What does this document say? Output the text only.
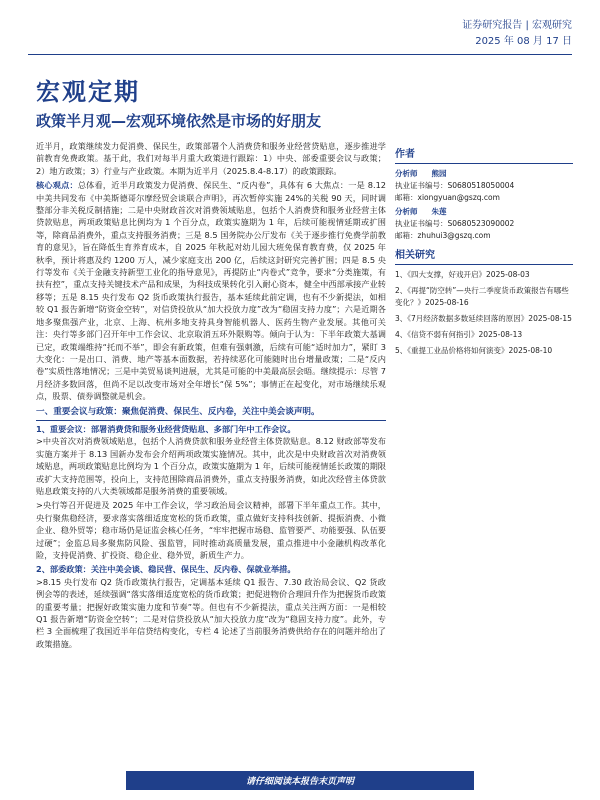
证券研究报告 | 宏观研究
2025 年 08 月 17 日
宏观定期
政策半月观—宏观环境依然是市场的好朋友

近半月，政策继续发力促消费、保民生，政策部署个人消费贷和服务业经营贷贴息，逐步推进学前教育免费政策。基于此，我们对每半月重大政策进行跟踪：1）中央、部委重要会议与政策；2）地方政策；3）行业与产业政策。本期为近半月（2025.8.4-8.17）的政策跟踪。

核心观点：总体看，近半月政策发力促消费、保民生、“反内卷”，具体有 6 大焦点：一是 8.12 中美共同发布《中美斯德哥尔摩经贸会谈联合声明》，再次暂停实施 24%的关税 90 天，同时调整部分非关税反制措施；二是中央财政首次对消费领域贴息，包括个人消费贷和服务业经营主体贷款贴息，两项政策贴息比例均为 1 个百分点，政策实施期为 1 年，后续可能视情延期或扩围等，除商品消费外，重点支持服务消费；三是 8.5 国务院办公厅发布《关于逐步推行免费学前教育的意见》，旨在降低生育养育成本，自 2025 年秋起对幼儿园大班免保育教育费，仅 2025 年秋季，预计将惠及约 1200 万人，减少家庭支出 200 亿，后续这封研究完善扩围；四是 8.5 央行等发布《关于金融支持新型工业化的指导意见》，再提防止“内卷式”竞争，要求“分类施策，有扶有控”，重点支持关键技术产品和成果，为科技成果转化引入耐心资本，健全中西部承接产业转移等；五是 8.15 央行发布 Q2 货币政策执行报告，基本延续此前定调，也有不少新提法，如相较 Q1 报告新增“防资金空转”，对信贷投放从“加大投放力度”改为“稳固支持力度”；六是近期各地多聚焦强产业，北京、上海、杭州多地支持具身智能机器人、医药生物产业发展。其他可关注：央行等多部门召开年中工作会议、北京取消五环外限购等。倾向于认为：下半年政策大基调已定，政策端维持“托而不举”，即会有新政策，但难有强刺激，后续有可能“适时加力”，紧盯 3 大变化：一是出口、消费、地产等基本面数据，若持续恶化可能随时出台增量政策；二是“反内卷”实质性落地情况；三是中美贸易谈判进展，尤其是可能的中美最高层会晤。继续提示：尽管 7 月经济多数回落，但尚不足以改变市场对全年增长“保 5%”；事情正在起变化，对市场继续乐观点，股票、债券调整就是机会。

一、重要会议与政策：聚焦促消费、保民生、反内卷，关注中美会谈声明。
1、重要会议：部署消费贷和服务业经营贷贴息、多部门年中工作会议。

>中央首次对消费领域贴息，包括个人消费贷款和服务业经营主体贷款贴息。8.12 财政部等发布实施方案并于 8.13 国新办发布会介绍两项政策实施情况。其中，此次是中央财政首次对消费领域贴息，两项政策贴息比例均为 1 个百分点，政策实施期为 1 年，后续可能视情延长政策的期限或扩大支持范围等，投向上，支持范围除商品消费外，重点支持服务消费，如此次经营主体贷款贴息政策支持的八大类领域都是服务消费的重要领域。

>央行等召开促进及 2025 年中工作会议，学习政治局会议精神，部署下半年重点工作。其中，央行聚焦稳经济，要求落实落细适度宽松的货币政策，重点做好支持科技创新、提振消费、小微企业、稳外贸等；稳市场仍是证监会核心任务，“牢牢把握市场稳、监管要严、功能要强、队伍要过硬”；金监总局多聚焦防风险、强监管，同时推动高质量发展，重点推进中小金融机构改革化险，支持促消费、扩投资、稳企业、稳外贸，新质生产力。

2、部委政策：关注中美会谈、稳民营、保民生、反内卷、保就业举措。

>8.15 央行发布 Q2 货币政策执行报告，定调基本延续 Q1 报告、7.30 政治局会议、Q2 货政例会等的表述，延续强调“落实落细适度宽松的货币政策；把促进物价合理回升作为把握货币政策的重要考量；把握好政策实施力度和节奏”等。但也有不少新提法，重点关注两方面：一是相较 Q1 报告新增“防资金空转”；二是对信贷投放从“加大投放力度”改为“稳固支持力度”。此外，专栏 3 全面梳理了我国近半年信贷结构变化，专栏 4 论述了当前服务消费供给存在的问题并给出了政策措施。

作者
分析师 熊园
执业证书编号：S0680518050004
邮箱：xiongyuan@gszq.com
分析师 朱莲
执业证书编号：S0680523090002
邮箱：zhuhui3@gszq.com
相关研究
1、《四大支撑，好戏开启》2025-08-03
2、《再提“防空转”—央行二季度货币政策报告有哪些变化？》2025-08-16
3、《7月经济数据多数延续回落的原因》2025-08-15
4、《信贷不弱有何指引》2025-08-13
5、《重提工业品价格将如何演变》2025-08-10
请仔细阅读本报告末页声明
